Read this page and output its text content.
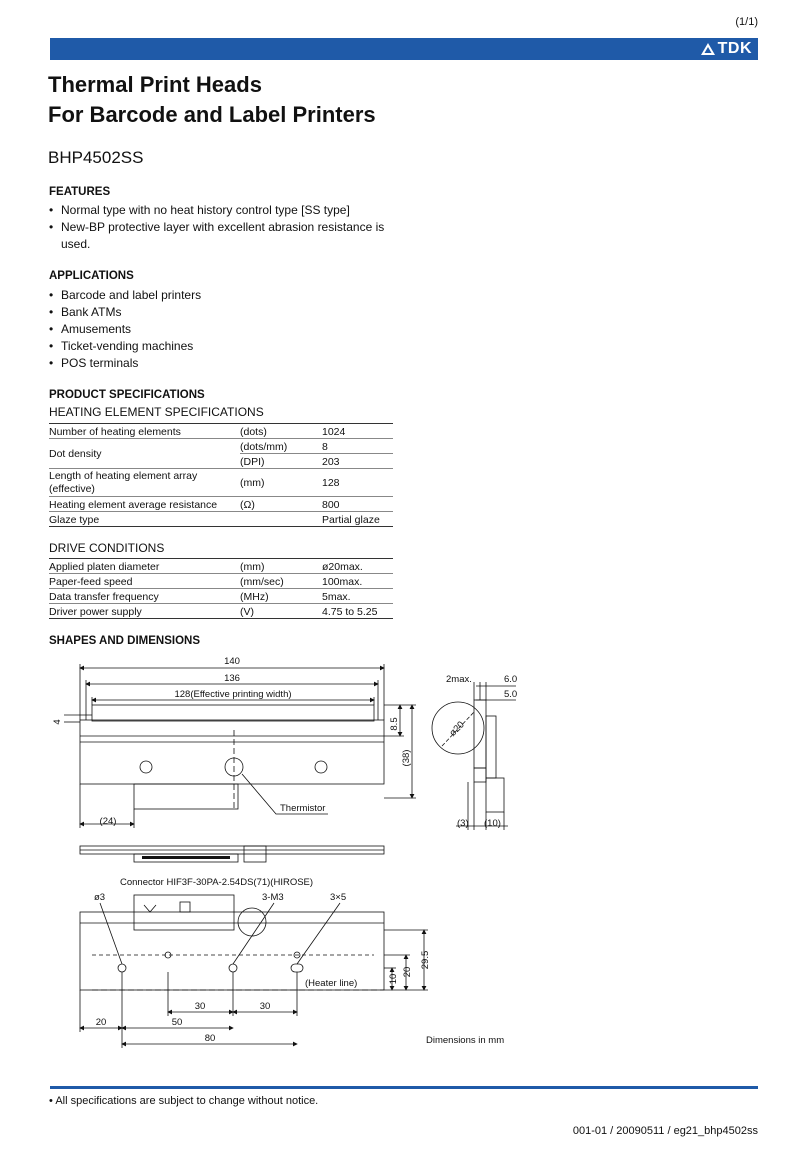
(1/1)
TDK
Thermal Print Heads
For Barcode and Label Printers
BHP4502SS
FEATURES
• Normal type with no heat history control type [SS type]
• New-BP protective layer with excellent abrasion resistance is used.
APPLICATIONS
• Barcode and label printers
• Bank ATMs
• Amusements
• Ticket-vending machines
• POS terminals
PRODUCT SPECIFICATIONS
HEATING ELEMENT SPECIFICATIONS
Number of heating elements	(dots)	1024
Dot density	(dots/mm)	8
	(DPI)	203
Length of heating element array (effective)	(mm)	128
Heating element average resistance	(Ω)	800
Glaze type		Partial glaze
DRIVE CONDITIONS
Applied platen diameter	(mm)	ø20max.
Paper-feed speed	(mm/sec)	100max.
Data transfer frequency	(MHz)	5max.
Driver power supply	(V)	4.75 to 5.25
SHAPES AND DIMENSIONS
140
136
128(Effective printing width)
4	8.5
(38)
(24)
Thermistor
2max.	6.0
5.0
ø20
(3) (10)
Connector HIF3F-30PA-2.54DS(71)(HIROSE)
ø3	3-M3	3×5
(Heater line)	10
20
29.5
30	30
20	50
80	Dimensions in mm
• All specifications are subject to change without notice.
001-01 / 20090511 / eg21_bhp4502ss
